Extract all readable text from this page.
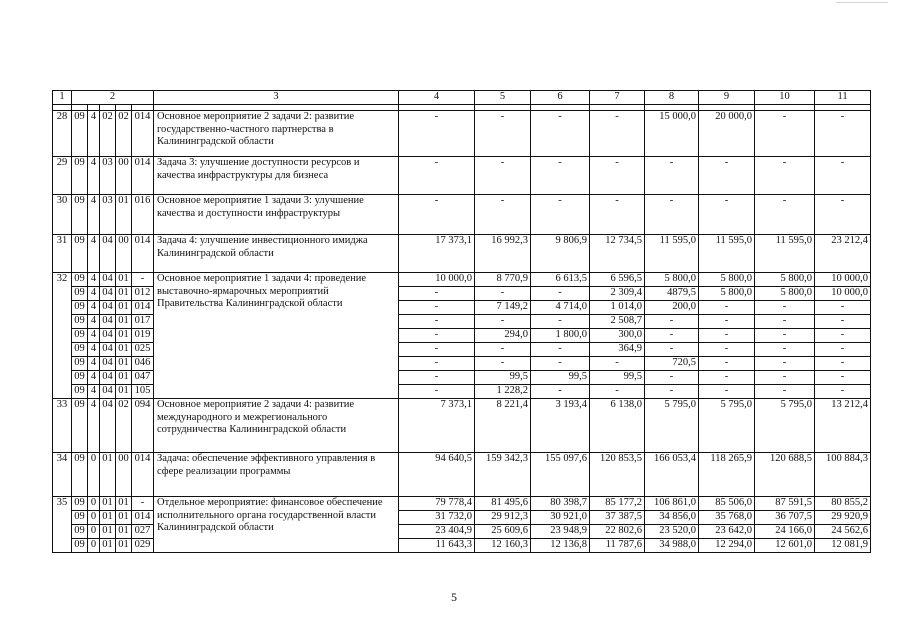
1	2					3	4	5	6	7	8	9	10	11

28	09	4	02	02	014	Основное мероприятие 2 задачи 2: развитие государственно-частного партнерства в Калининградской области	-	-	-	-	15 000,0	20 000,0	-	-
29	09	4	03	00	014	Задача 3: улучшение доступности ресурсов и качества инфраструктуры для бизнеса	-	-	-	-	-	-	-	-
30	09	4	03	01	016	Основное мероприятие 1 задачи 3: улучшение качества и доступности инфраструктуры	-	-	-	-	-	-	-	-
31	09	4	04	00	014	Задача 4: улучшение инвестиционного имиджа Калининградской области	17 373,1	16 992,3	9 806,9	12 734,5	11 595,0	11 595,0	11 595,0	23 212,4
32	09	4	04	01	-	Основное мероприятие 1 задачи 4: проведение выставочно-ярмарочных мероприятий Правительства Калининградской области	10 000,0	8 770,9	6 613,5	6 596,5	5 800,0	5 800,0	5 800,0	10 000,0
	09	4	04	01	012		-	-	-	2 309,4	4879,5	5 800,0	5 800,0	10 000,0
	09	4	04	01	014		-	7 149,2	4 714,0	1 014,0	200,0	-	-	-
	09	4	04	01	017		-	-	-	2 508,7	-	-	-	-
	09	4	04	01	019		-	294,0	1 800,0	300,0	-	-	-	-
	09	4	04	01	025		-	-	-	364,9	-	-	-	-
	09	4	04	01	046		-	-	-	-	720,5	-	-	-
	09	4	04	01	047		-	99,5	99,5	99,5	-	-	-	-
	09	4	04	01	105		-	1 228,2	-	-	-	-	-	-
33	09	4	04	02	094	Основное мероприятие 2 задачи 4: развитие международного и межрегионального сотрудничества Калининградской области	7 373,1	8 221,4	3 193,4	6 138,0	5 795,0	5 795,0	5 795,0	13 212,4
34	09	0	01	00	014	Задача: обеспечение эффективного управления в сфере реализации программы	94 640,5	159 342,3	155 097,6	120 853,5	166 053,4	118 265,9	120 688,5	100 884,3
35	09	0	01	01	-	Отдельное мероприятие: финансовое обеспечение исполнительного органа государственной власти Калининградской области	79 778,4	81 495,6	80 398,7	85 177,2	106 861,0	85 506,0	87 591,5	80 855,2
	09	0	01	01	014		31 732,0	29 912,3	30 921,0	37 387,5	34 856,0	35 768,0	36 707,5	29 920,9
	09	0	01	01	027		23 404,9	25 609,6	23 948,9	22 802,6	23 520,0	23 642,0	24 166,0	24 562,6
	09	0	01	01	029		11 643,3	12 160,3	12 136,8	11 787,6	34 988,0	12 294,0	12 601,0	12 081,9
5
